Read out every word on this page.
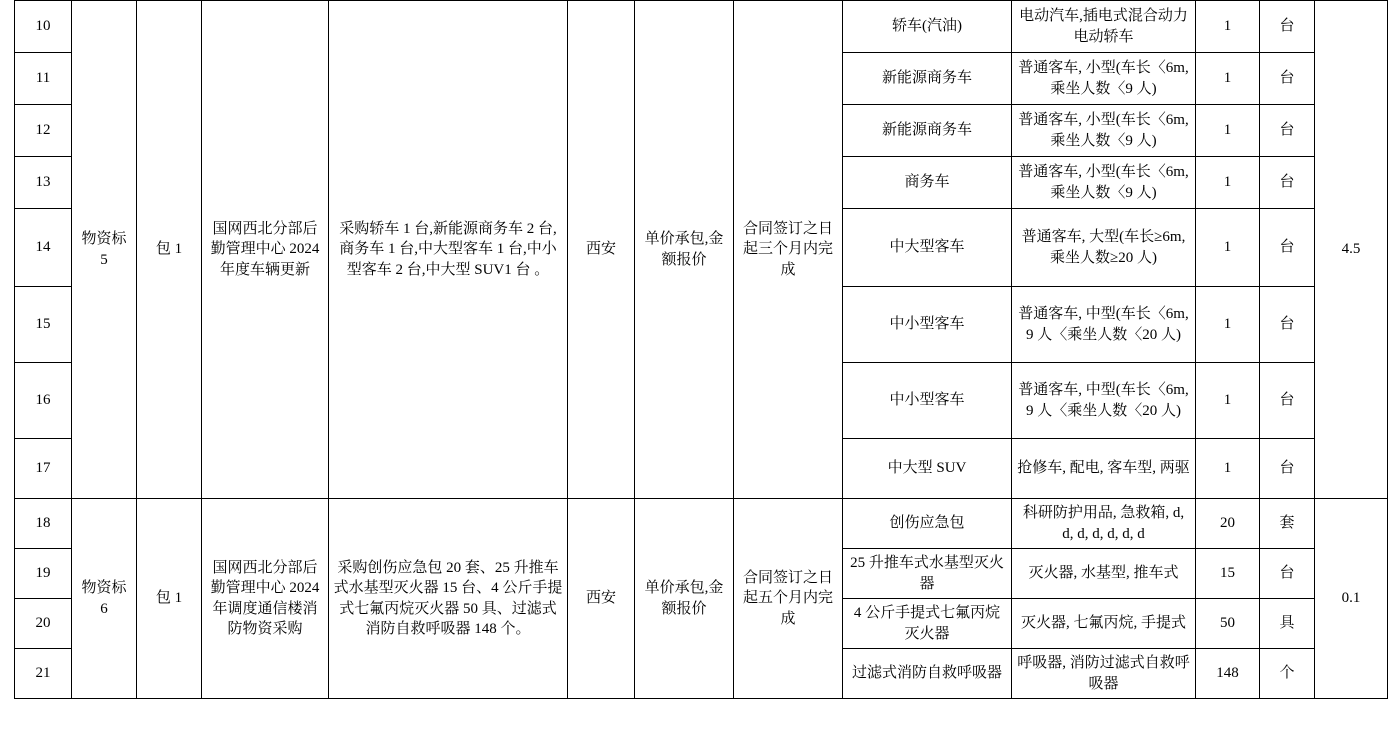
10	物资标 5	包 1	国网西北分部后勤管理中心 2024 年度车辆更新	采购轿车 1 台,新能源商务车 2 台,商务车 1 台,中大型客车 1 台,中小型客车 2 台,中大型 SUV1 台 。	西安	单价承包,金额报价	合同签订之日起三个月内完成	轿车(汽油)	电动汽车,插电式混合动力电动轿车	1	台	4.5
11								新能源商务车	普通客车, 小型(车长〈6m, 乘坐人数〈9 人)	1	台	
12								新能源商务车	普通客车, 小型(车长〈6m, 乘坐人数〈9 人)	1	台	
13								商务车	普通客车, 小型(车长〈6m, 乘坐人数〈9 人)	1	台	
14								中大型客车	普通客车, 大型(车长≥6m, 乘坐人数≥20 人)	1	台	
15								中小型客车	普通客车, 中型(车长〈6m, 9 人〈乘坐人数〈20 人)	1	台	
16								中小型客车	普通客车, 中型(车长〈6m, 9 人〈乘坐人数〈20 人)	1	台	
17								中大型 SUV	抢修车, 配电, 客车型, 两驱	1	台	
18	物资标 6	包 1	国网西北分部后勤管理中心 2024 年调度通信楼消防物资采购	采购创伤应急包 20 套、25 升推车式水基型灭火器 15 台、4 公斤手提式七氟丙烷灭火器 50 具、过滤式消防自救呼吸器 148 个。	西安	单价承包,金额报价	合同签订之日起五个月内完成	创伤应急包	科研防护用品, 急救箱, d, d, d, d, d, d, d	20	套	0.1
19								25 升推车式水基型灭火器	灭火器, 水基型, 推车式	15	台	
20								4 公斤手提式七氟丙烷灭火器	灭火器, 七氟丙烷, 手提式	50	具	
21								过滤式消防自救呼吸器	呼吸器, 消防过滤式自救呼吸器	148	个	
